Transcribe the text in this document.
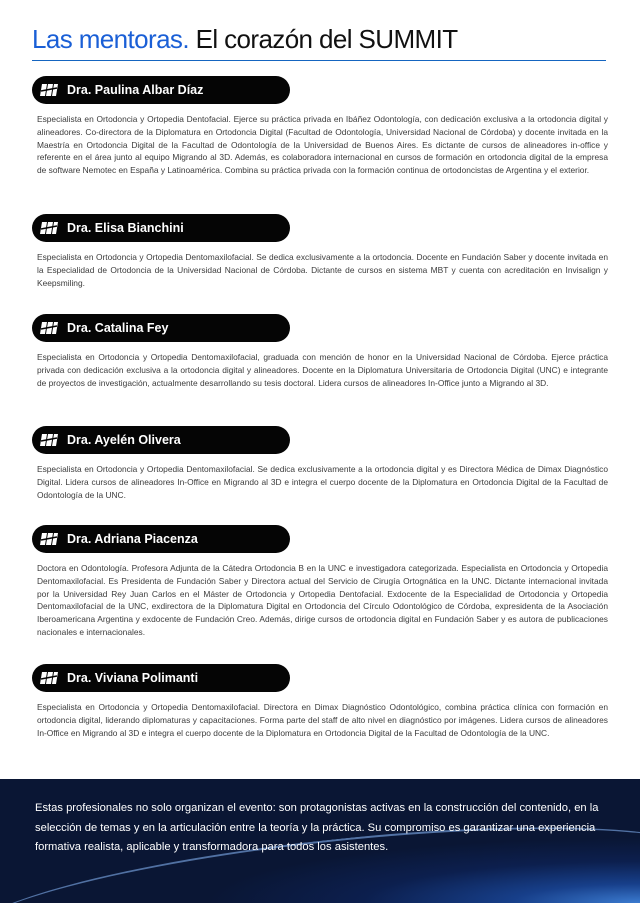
Las mentoras. El corazón del SUMMIT
Dra. Paulina Albar Díaz

Especialista en Ortodoncia y Ortopedia Dentofacial. Ejerce su práctica privada en Ibáñez Odontología, con dedicación exclusiva a la ortodoncia digital y alineadores. Co-directora de la Diplomatura en Ortodoncia Digital (Facultad de Odontología, Universidad Nacional de Córdoba) y docente invitada en la Maestría en Ortodoncia Digital de la Facultad de Odontología de la Universidad de Buenos Aires. Es dictante de cursos de alineadores in-office y referente en el área junto al equipo Migrando al 3D. Además, es colaboradora internacional en cursos de formación en ortodoncia digital de la empresa de software Nemotec en España y Latinoamérica. Combina su práctica privada con la formación continua de ortodoncistas de Argentina y el exterior.

Dra. Elisa Bianchini

Especialista en Ortodoncia y Ortopedia Dentomaxilofacial. Se dedica exclusivamente a la ortodoncia. Docente en Fundación Saber y docente invitada en la Especialidad de Ortodoncia de la Universidad Nacional de Córdoba. Dictante de cursos en sistema MBT y cuenta con acreditación en Invisalign y Keepsmiling.

Dra. Catalina Fey

Especialista en Ortodoncia y Ortopedia Dentomaxilofacial, graduada con mención de honor en la Universidad Nacional de Córdoba. Ejerce práctica privada con dedicación exclusiva a la ortodoncia digital y alineadores. Docente en la Diplomatura Universitaria de Ortodoncia Digital (UNC) e integrante de proyectos de investigación, actualmente desarrollando su tesis doctoral. Lidera cursos de alineadores In-Office junto a Migrando al 3D.

Dra. Ayelén Olivera

Especialista en Ortodoncia y Ortopedia Dentomaxilofacial. Se dedica exclusivamente a la ortodoncia digital y es Directora Médica de Dimax Diagnóstico Digital. Lidera cursos de alineadores In-Office en Migrando al 3D e integra el cuerpo docente de la Diplomatura en Ortodoncia Digital de la Facultad de Odontología de la UNC.

Dra. Adriana Piacenza

Doctora en Odontología. Profesora Adjunta de la Cátedra Ortodoncia B en la UNC e investigadora categorizada. Especialista en Ortodoncia y Ortopedia Dentomaxilofacial. Es Presidenta de Fundación Saber y Directora actual del Servicio de Cirugía Ortognática en la UNC. Dictante internacional invitada por la Universidad Rey Juan Carlos en el Máster de Ortodoncia y Ortopedia Dentofacial. Exdocente de la Especialidad de Ortodoncia y Ortopedia Dentomaxilofacial de la UNC, exdirectora de la Diplomatura Digital en Ortodoncia del Círculo Odontológico de Córdoba, expresidenta de la Asociación Iberoamericana Argentina y exdocente de Fundación Creo. Además, dirige cursos de ortodoncia digital en Fundación Saber y es autora de publicaciones nacionales e internacionales.

Dra. Viviana Polimanti

Especialista en Ortodoncia y Ortopedia Dentomaxilofacial. Directora en Dimax Diagnóstico Odontológico, combina práctica clínica con formación en ortodoncia digital, liderando diplomaturas y capacitaciones. Forma parte del staff de alto nivel en diagnóstico por imágenes. Lidera cursos de alineadores In-Office en Migrando al 3D e integra el cuerpo docente de la Diplomatura en Ortodoncia Digital de la Facultad de Odontología de la UNC.

Estas profesionales no solo organizan el evento: son protagonistas activas en la construcción del contenido, en la selección de temas y en la articulación entre la teoría y la práctica. Su compromiso es garantizar una experiencia formativa realista, aplicable y transformadora para todos los asistentes.
